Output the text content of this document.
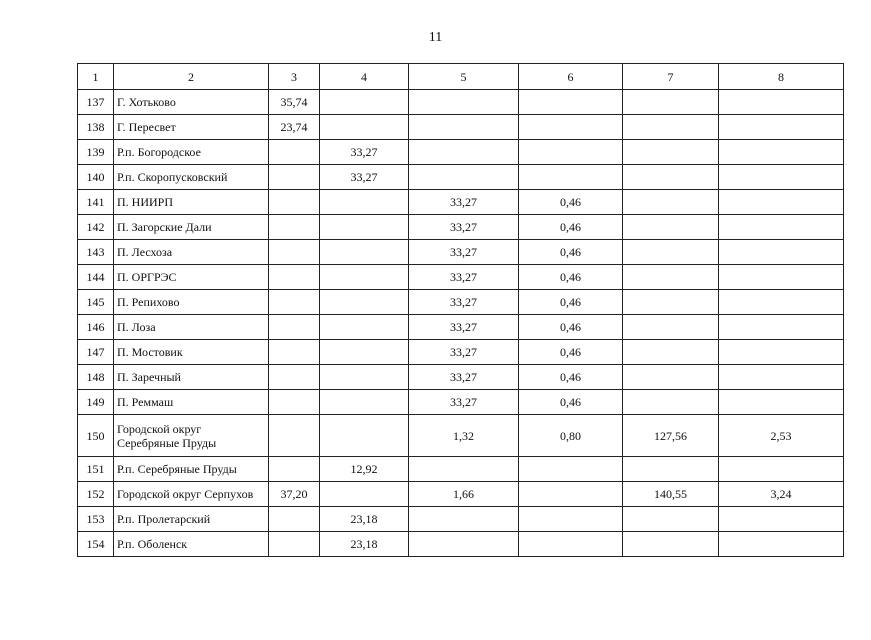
11
1	2	3	4	5	6	7	8
137	Г. Хотьково	35,74					
138	Г. Пересвет	23,74					
139	Р.п. Богородское		33,27				
140	Р.п. Скоропусковский		33,27				
141	П. НИИРП			33,27	0,46		
142	П. Загорские Дали			33,27	0,46		
143	П. Лесхоза			33,27	0,46		
144	П. ОРГРЭС			33,27	0,46		
145	П. Репихово			33,27	0,46		
146	П. Лоза			33,27	0,46		
147	П. Мостовик			33,27	0,46		
148	П. Заречный			33,27	0,46		
149	П. Реммаш			33,27	0,46		
150	Городской округ Серебряные Пруды			1,32	0,80	127,56	2,53
151	Р.п. Серебряные Пруды		12,92				
152	Городской округ Серпухов	37,20		1,66		140,55	3,24
153	Р.п. Пролетарский		23,18				
154	Р.п. Оболенск		23,18				
